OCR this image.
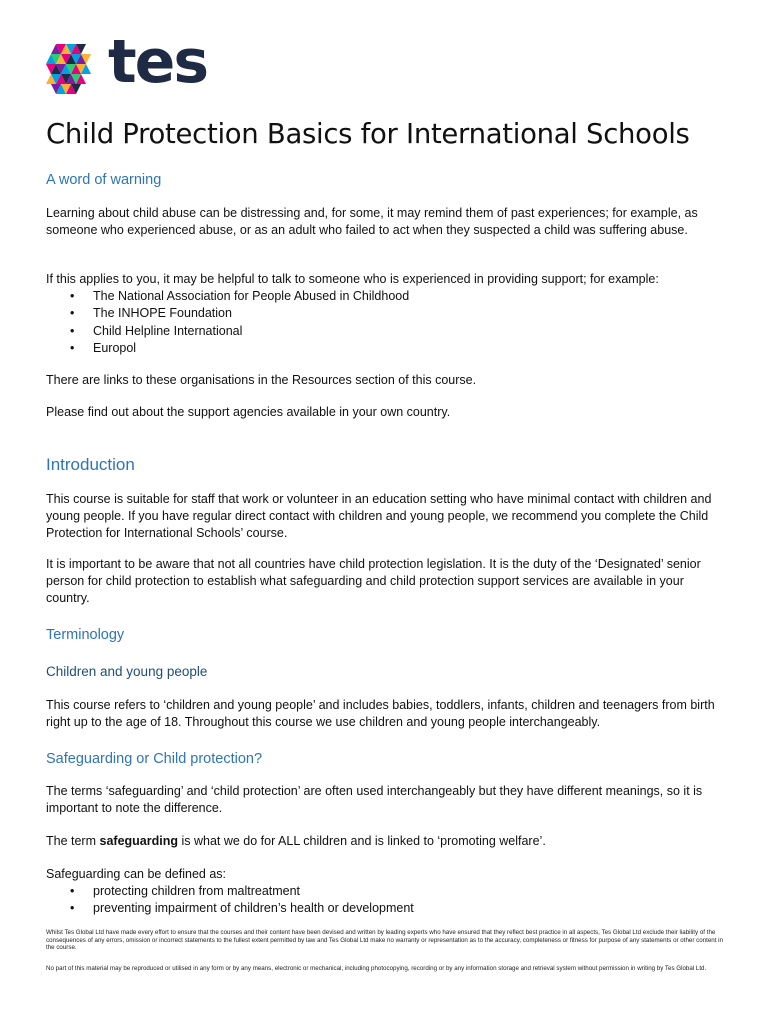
tes
Child Protection Basics for International Schools
A word of warning

Learning about child abuse can be distressing and, for some, it may remind them of past experiences; for example, as someone who experienced abuse, or as an adult who failed to act when they suspected a child was suffering abuse.

If this applies to you, it may be helpful to talk to someone who is experienced in providing support; for example:

• The National Association for People Abused in Childhood
• The INHOPE Foundation
• Child Helpline International
• Europol

There are links to these organisations in the Resources section of this course.

Please find out about the support agencies available in your own country.

Introduction

This course is suitable for staff that work or volunteer in an education setting who have minimal contact with children and young people. If you have regular direct contact with children and young people, we recommend you complete the Child Protection for International Schools’ course.

It is important to be aware that not all countries have child protection legislation. It is the duty of the ‘Designated’ senior person for child protection to establish what safeguarding and child protection support services are available in your country.

Terminology
Children and young people

This course refers to ‘children and young people’ and includes babies, toddlers, infants, children and teenagers from birth right up to the age of 18. Throughout this course we use children and young people interchangeably.

Safeguarding or Child protection?

The terms ‘safeguarding’ and ‘child protection’ are often used interchangeably but they have different meanings, so it is important to note the difference.

The term safeguarding is what we do for ALL children and is linked to ‘promoting welfare’.

Safeguarding can be defined as:

• protecting children from maltreatment
• preventing impairment of children’s health or development

Whilst Tes Global Ltd have made every effort to ensure that the courses and their content have been devised and written by leading experts who have ensured that they reflect best practice in all aspects, Tes Global Ltd exclude their liability of the consequences of any errors, omission or incorrect statements to the fullest extent permitted by law and Tes Global Ltd make no warranty or representation as to the accuracy, completeness or fitness for purpose of any statements or other content in the course.

No part of this material may be reproduced or utilised in any form or by any means, electronic or mechanical, including photocopying, recording or by any information storage and retrieval system without permission in writing by Tes Global Ltd.
